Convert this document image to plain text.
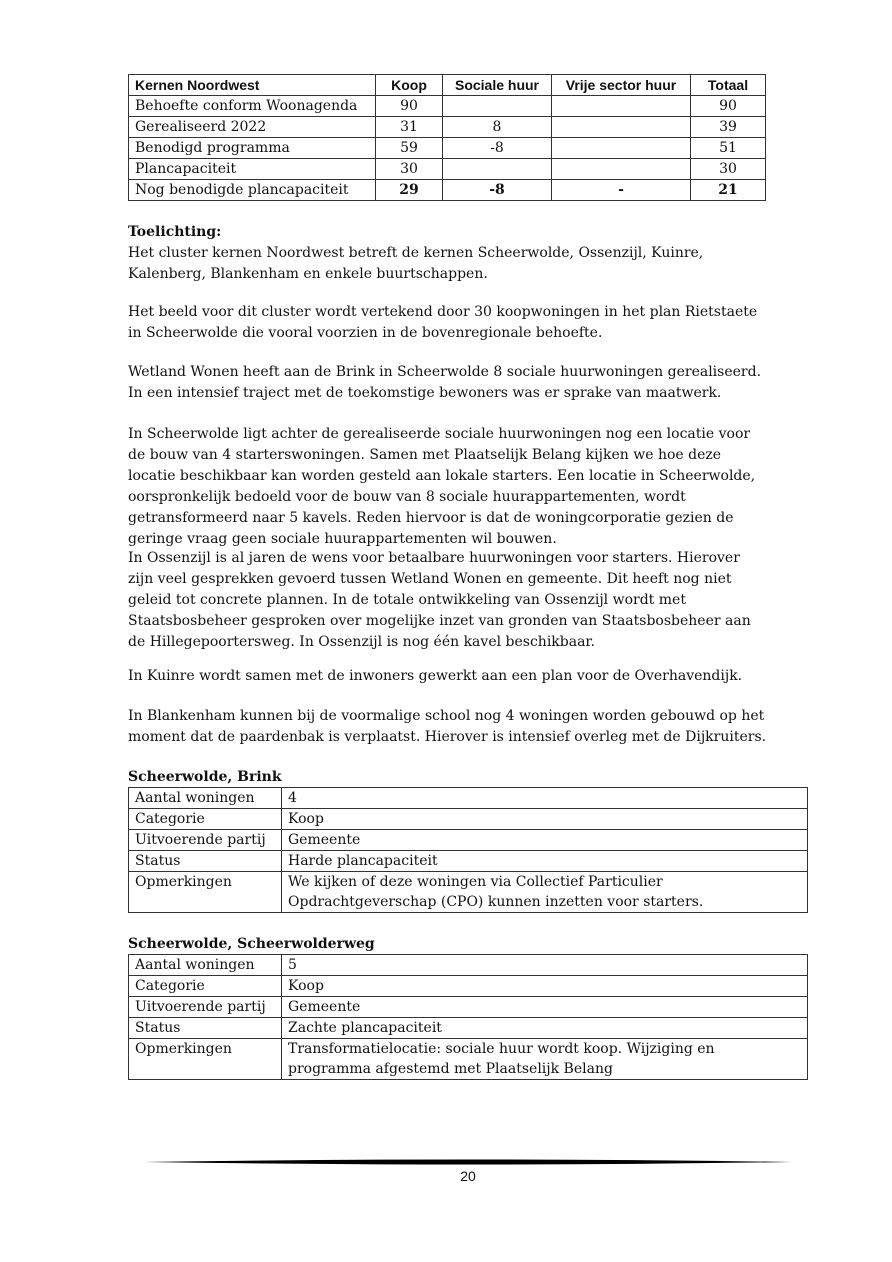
Kernen Noordwest	Koop	Sociale huur	Vrije sector huur	Totaal
Behoefte conform Woonagenda	90			90
Gerealiseerd 2022	31	8		39
Benodigd programma	59	-8		51
Plancapaciteit	30			30
Nog benodigde plancapaciteit	29	-8	-	21

Toelichting:

Het cluster kernen Noordwest betreft de kernen Scheerwolde, Ossenzijl, Kuinre, Kalenberg, Blankenham en enkele buurtschappen.

Het beeld voor dit cluster wordt vertekend door 30 koopwoningen in het plan Rietstaete in Scheerwolde die vooral voorzien in de bovenregionale behoefte.

Wetland Wonen heeft aan de Brink in Scheerwolde 8 sociale huurwoningen gerealiseerd. In een intensief traject met de toekomstige bewoners was er sprake van maatwerk.

In Scheerwolde ligt achter de gerealiseerde sociale huurwoningen nog een locatie voor de bouw van 4 starterswoningen. Samen met Plaatselijk Belang kijken we hoe deze locatie beschikbaar kan worden gesteld aan lokale starters. Een locatie in Scheerwolde, oorspronkelijk bedoeld voor de bouw van 8 sociale huurappartementen, wordt getransformeerd naar 5 kavels. Reden hiervoor is dat de woningcorporatie gezien de geringe vraag geen sociale huurappartementen wil bouwen.

In Ossenzijl is al jaren de wens voor betaalbare huurwoningen voor starters. Hierover zijn veel gesprekken gevoerd tussen Wetland Wonen en gemeente. Dit heeft nog niet geleid tot concrete plannen. In de totale ontwikkeling van Ossenzijl wordt met Staatsbosbeheer gesproken over mogelijke inzet van gronden van Staatsbosbeheer aan de Hillegepoortersweg. In Ossenzijl is nog één kavel beschikbaar.

In Kuinre wordt samen met de inwoners gewerkt aan een plan voor de Overhavendijk.

In Blankenham kunnen bij de voormalige school nog 4 woningen worden gebouwd op het moment dat de paardenbak is verplaatst. Hierover is intensief overleg met de Dijkruiters.

Scheerwolde, Brink
Aantal woningen	4
Categorie	Koop
Uitvoerende partij	Gemeente
Status	Harde plancapaciteit
Opmerkingen	We kijken of deze woningen via Collectief Particulier Opdrachtgeverschap (CPO) kunnen inzetten voor starters.
Scheerwolde, Scheerwolderweg
Aantal woningen	5
Categorie	Koop
Uitvoerende partij	Gemeente
Status	Zachte plancapaciteit
Opmerkingen	Transformatielocatie: sociale huur wordt koop. Wijziging en programma afgestemd met Plaatselijk Belang
20
